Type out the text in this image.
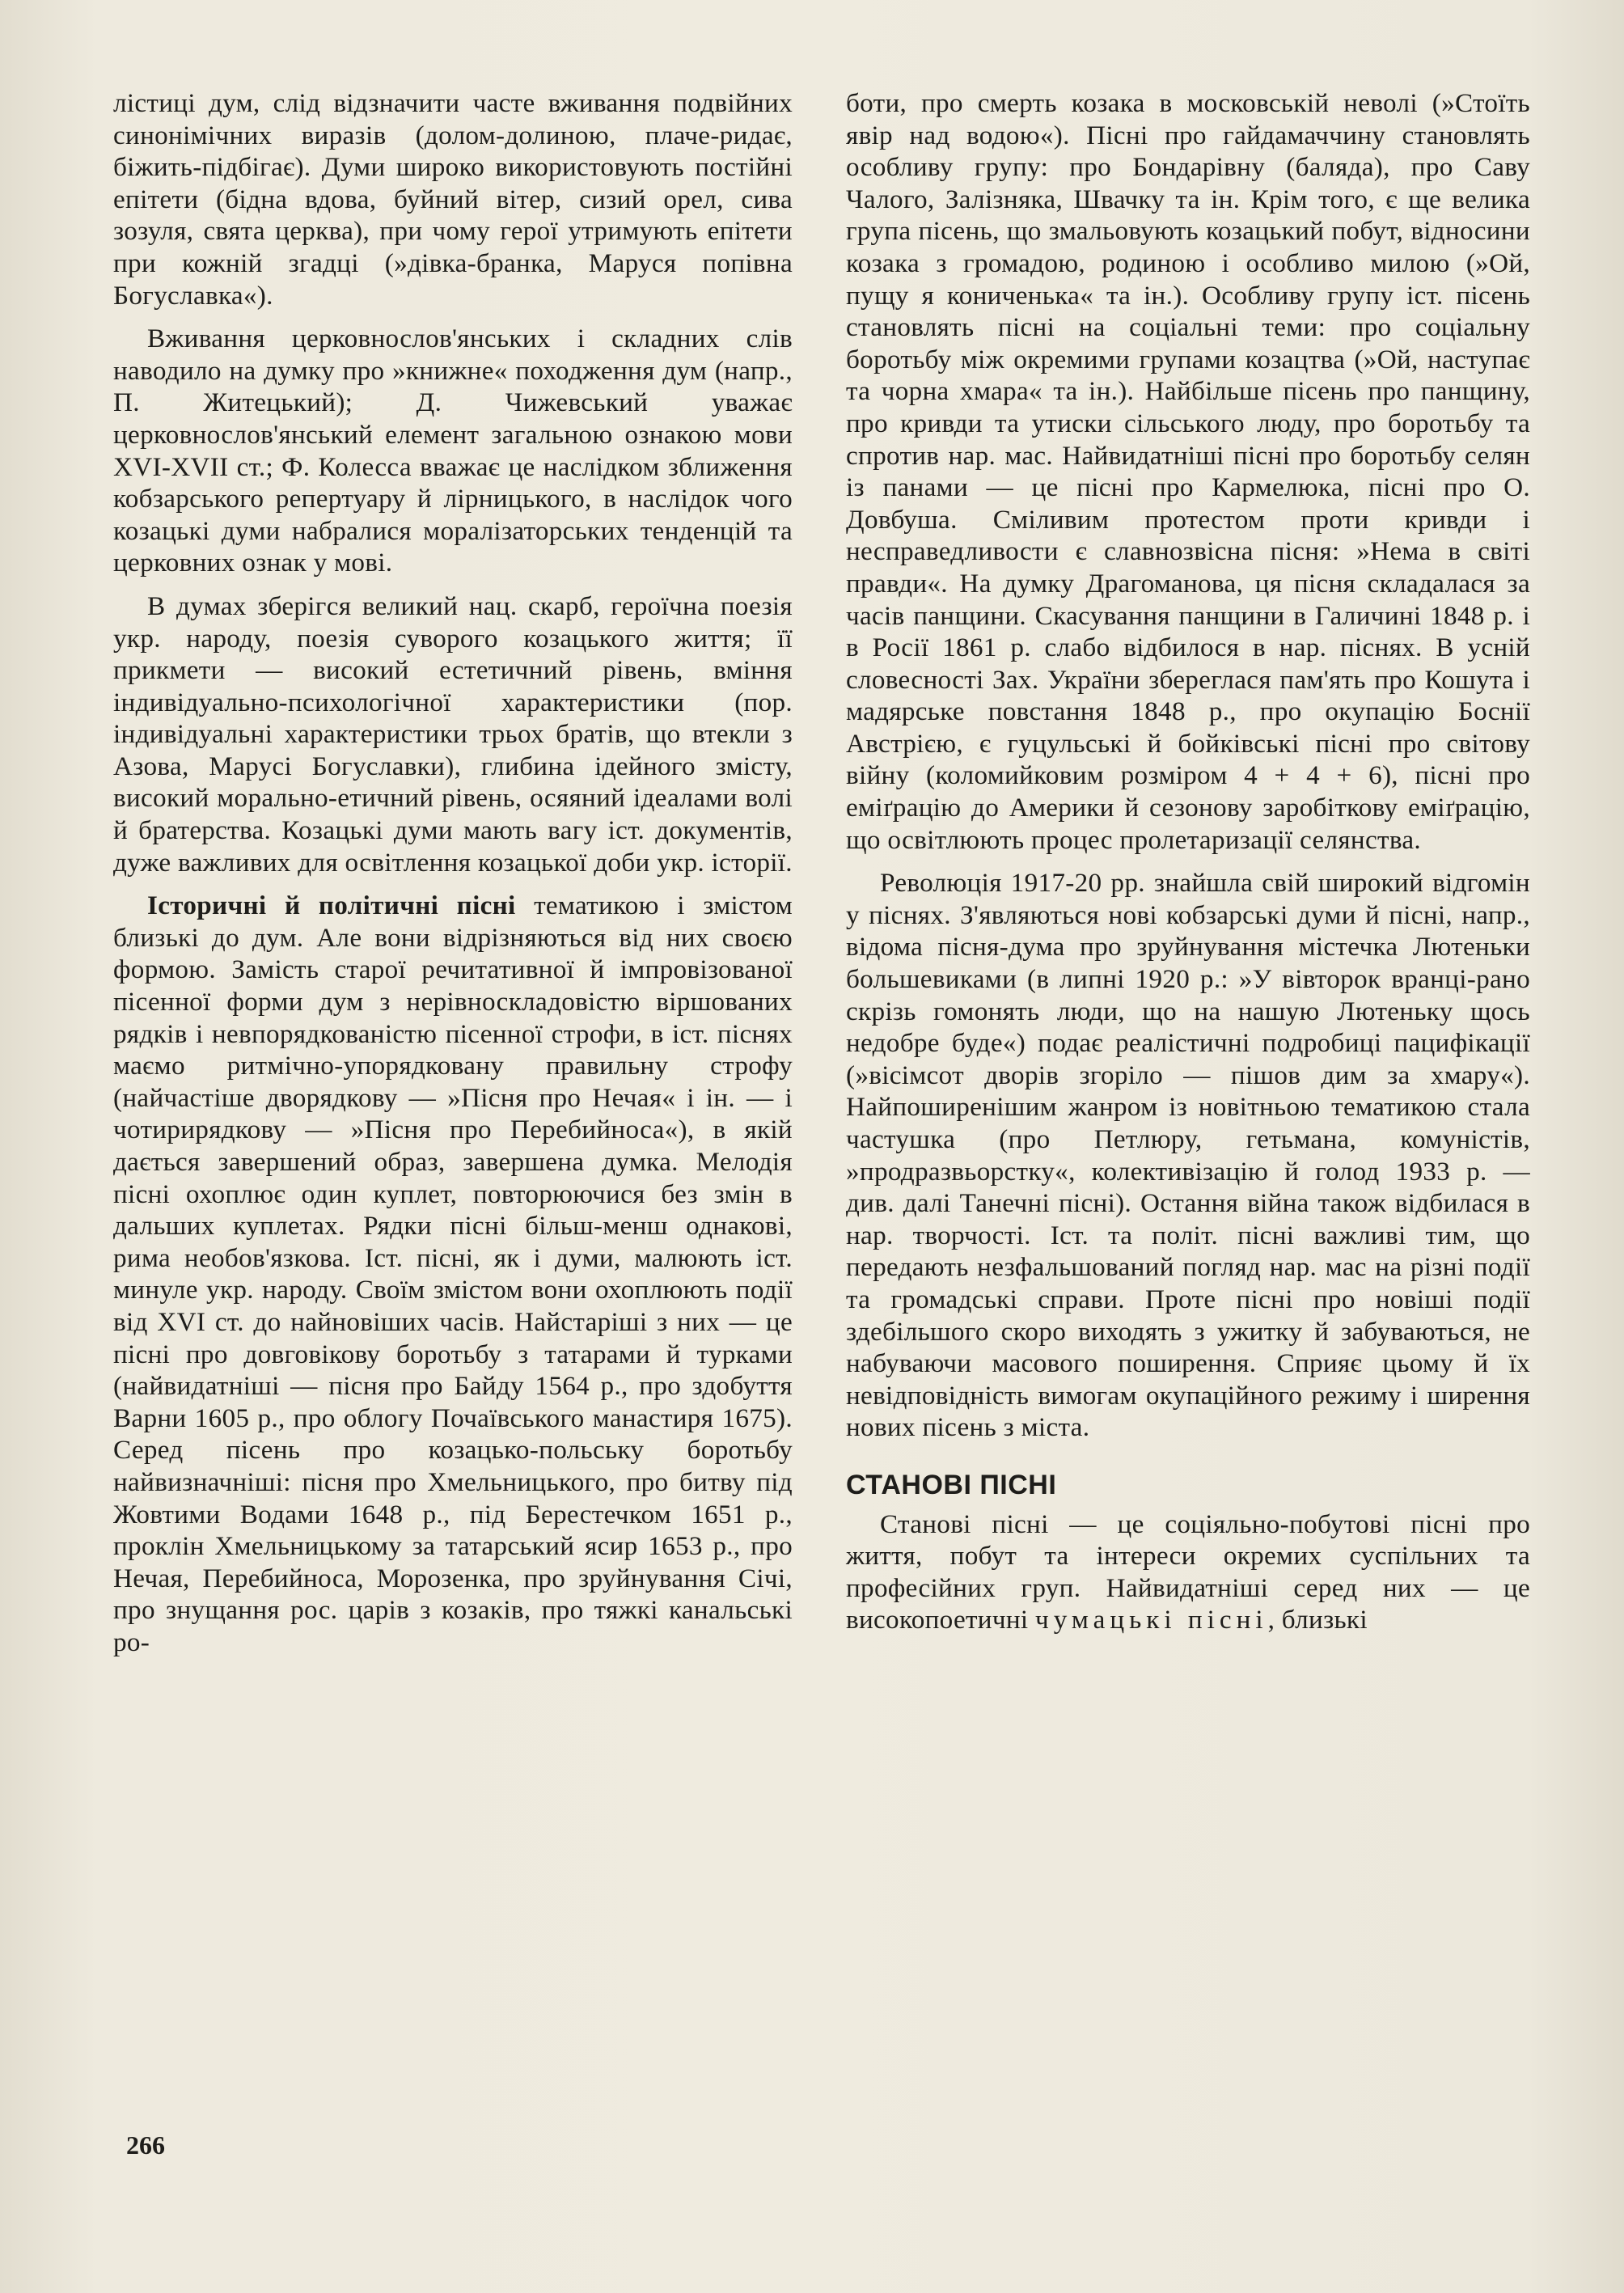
лістиці дум, слід відзначити часте вживання подвійних синонімічних виразів (долом-долиною, плаче-ридає, біжить-підбігає). Думи широко використовують постійні епітети (бідна вдова, буйний вітер, сизий орел, сива зозуля, свята церква), при чому герої утримують епітети при кожній згадці (»дівка-бранка, Маруся попівна Богуславка«).

Вживання церковнослов'янських і складних слів наводило на думку про »книжне« походження дум (напр., П. Житецький); Д. Чижевський уважає церковнослов'янський елемент загальною ознакою мови XVI-XVII ст.; Ф. Колесса вважає це наслідком зближення кобзарського репертуару й лірницького, в наслідок чого козацькі думи набралися моралізаторських тенденцій та церковних ознак у мові.

В думах зберігся великий нац. скарб, героїчна поезія укр. народу, поезія суворого козацького життя; її прикмети — високий естетичний рівень, вміння індивідуально-психологічної характеристики (пор. індивідуальні характеристики трьох братів, що втекли з Азова, Марусі Богуславки), глибина ідейного змісту, високий морально-етичний рівень, осяяний ідеалами волі й братерства. Козацькі думи мають вагу іст. документів, дуже важливих для освітлення козацької доби укр. історії.

Історичні й політичні пісні тематикою і змістом близькі до дум. Але вони відрізняються від них своєю формою. Замість старої речитативної й імпровізованої пісенної форми дум з нерівноскладовістю віршованих рядків і невпорядкованістю пісенної строфи, в іст. піснях маємо ритмічно-упорядковану правильну строфу (найчастіше дворядкову — »Пісня про Нечая« і ін. — і чотирирядкову — »Пісня про Перебийноса«), в якій дається завершений образ, завершена думка. Мелодія пісні охоплює один куплет, повторюючися без змін в дальших куплетах. Рядки пісні більш-менш однакові, рима необов'язкова. Іст. пісні, як і думи, малюють іст. минуле укр. народу. Своїм змістом вони охоплюють події від XVI ст. до найновіших часів. Найстаріші з них — це пісні про довговікову боротьбу з татарами й турками (найвидатніші — пісня про Байду 1564 р., про здобуття Варни 1605 р., про облогу Почаївського манастиря 1675). Серед пісень про козацько-польську боротьбу найвизначніші: пісня про Хмельницького, про битву під Жовтими Водами 1648 р., під Берестечком 1651 р., проклін Хмельницькому за татарський ясир 1653 р., про Нечая, Перебийноса, Морозенка, про зруйнування Січі, про знущання рос. царів з козаків, про тяжкі канальські ро-

боти, про смерть козака в московській неволі (»Стоїть явір над водою«). Пісні про гайдамаччину становлять особливу групу: про Бондарівну (баляда), про Саву Чалого, Залізняка, Швачку та ін. Крім того, є ще велика група пісень, що змальовують козацький побут, відносини козака з громадою, родиною і особливо милою (»Ой, пущу я кониченька« та ін.). Особливу групу іст. пісень становлять пісні на соціальні теми: про соціальну боротьбу між окремими групами козацтва (»Ой, наступає та чорна хмара« та ін.). Найбільше пісень про панщину, про кривди та утиски сільського люду, про боротьбу та спротив нар. мас. Найвидатніші пісні про боротьбу селян із панами — це пісні про Кармелюка, пісні про О. Довбуша. Сміливим протестом проти кривди і несправедливости є славнозвісна пісня: »Нема в світі правди«. На думку Драгоманова, ця пісня складалася за часів панщини. Скасування панщини в Галичині 1848 р. і в Росії 1861 р. слабо відбилося в нар. піснях. В усній словесності Зах. України збереглася пам'ять про Кошута і мадярське повстання 1848 р., про окупацію Боснії Австрією, є гуцульські й бойківські пісні про світову війну (коломийковим розміром 4 + 4 + 6), пісні про еміґрацію до Америки й сезонову заробіткову еміґрацію, що освітлюють процес пролетаризації селянства.

Революція 1917-20 рр. знайшла свій широкий відгомін у піснях. З'являються нові кобзарські думи й пісні, напр., відома пісня-дума про зруйнування містечка Лютеньки большевиками (в липні 1920 р.: »У вівторок вранці-рано скрізь гомонять люди, що на нашую Лютеньку щось недобре буде«) подає реалістичні подробиці пацифікації (»вісімсот дворів згоріло — пішов дим за хмару«). Найпоширенішим жанром із новітньою тематикою стала частушка (про Петлюру, гетьмана, комуністів, »продразвьорстку«, колективізацію й голод 1933 р. — див. далі Танечні пісні). Остання війна також відбилася в нар. творчості. Іст. та політ. пісні важливі тим, що передають незфальшований погляд нар. мас на різні події та громадські справи. Проте пісні про новіші події здебільшого скоро виходять з ужитку й забуваються, не набуваючи масового поширення. Сприяє цьому й їх невідповідність вимогам окупаційного режиму і ширення нових пісень з міста.

СТАНОВІ ПІСНІ

Станові пісні — це соціяльно-побутові пісні про життя, побут та інтереси окремих суспільних та професійних груп. Найвидатніші серед них — це високопоетичні чумацькі пісні, близькі

266
